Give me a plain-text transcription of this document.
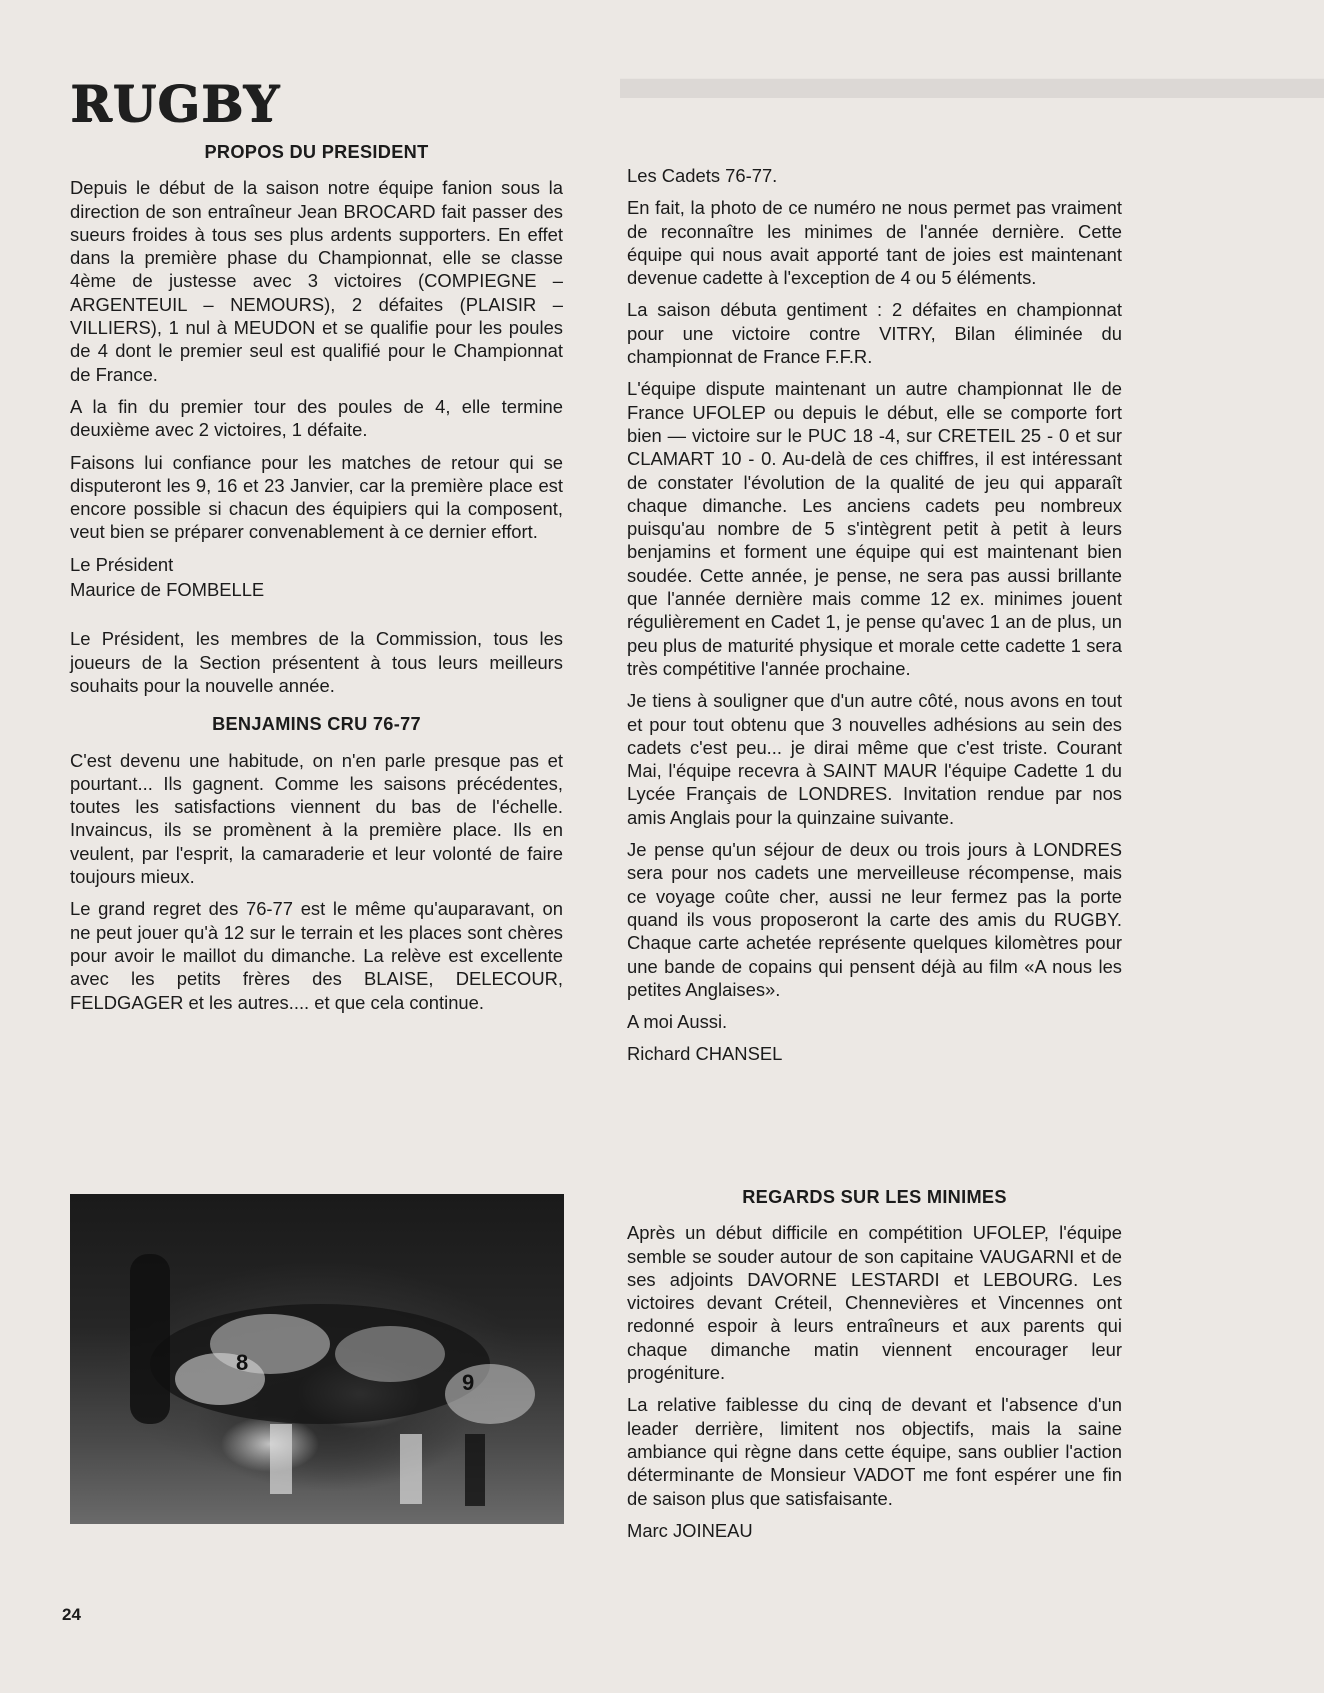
▬▬▬▬▬▬▬▬▬▬▬
RUGBY
PROPOS DU PRESIDENT

Depuis le début de la saison notre équipe fanion sous la direction de son entraîneur Jean BROCARD fait passer des sueurs froides à tous ses plus ardents supporters. En effet dans la première phase du Championnat, elle se classe 4ème de justesse avec 3 victoires (COMPIEGNE – ARGENTEUIL – NEMOURS), 2 défaites (PLAISIR – VILLIERS), 1 nul à MEUDON et se qualifie pour les poules de 4 dont le premier seul est qualifié pour le Championnat de France.

A la fin du premier tour des poules de 4, elle termine deuxième avec 2 victoires, 1 défaite.

Faisons lui confiance pour les matches de retour qui se disputeront les 9, 16 et 23 Janvier, car la première place est encore possible si chacun des équipiers qui la composent, veut bien se préparer convenablement à ce dernier effort.

Le Président

Maurice de FOMBELLE

Le Président, les membres de la Commission, tous les joueurs de la Section présentent à tous leurs meilleurs souhaits pour la nouvelle année.

BENJAMINS CRU 76-77

C'est devenu une habitude, on n'en parle presque pas et pourtant... Ils gagnent. Comme les saisons précédentes, toutes les satisfactions viennent du bas de l'échelle. Invaincus, ils se promènent à la première place. Ils en veulent, par l'esprit, la camaraderie et leur volonté de faire toujours mieux.

Le grand regret des 76-77 est le même qu'auparavant, on ne peut jouer qu'à 12 sur le terrain et les places sont chères pour avoir le maillot du dimanche. La relève est excellente avec les petits frères des BLAISE, DELECOUR, FELDGAGER et les autres.... et que cela continue.

Les Cadets 76-77.

En fait, la photo de ce numéro ne nous permet pas vraiment de reconnaître les minimes de l'année dernière. Cette équipe qui nous avait apporté tant de joies est maintenant devenue cadette à l'exception de 4 ou 5 éléments.

La saison débuta gentiment : 2 défaites en championnat pour une victoire contre VITRY, Bilan éliminée du championnat de France F.F.R.

L'équipe dispute maintenant un autre championnat Ile de France UFOLEP ou depuis le début, elle se comporte fort bien — victoire sur le PUC 18 -4, sur CRETEIL 25 - 0 et sur CLAMART 10 - 0. Au-delà de ces chiffres, il est intéressant de constater l'évolution de la qualité de jeu qui apparaît chaque dimanche. Les anciens cadets peu nombreux puisqu'au nombre de 5 s'intègrent petit à petit à leurs benjamins et forment une équipe qui est maintenant bien soudée. Cette année, je pense, ne sera pas aussi brillante que l'année dernière mais comme 12 ex. minimes jouent régulièrement en Cadet 1, je pense qu'avec 1 an de plus, un peu plus de maturité physique et morale cette cadette 1 sera très compétitive l'année prochaine.

Je tiens à souligner que d'un autre côté, nous avons en tout et pour tout obtenu que 3 nouvelles adhésions au sein des cadets c'est peu... je dirai même que c'est triste. Courant Mai, l'équipe recevra à SAINT MAUR l'équipe Cadette 1 du Lycée Français de LONDRES. Invitation rendue par nos amis Anglais pour la quinzaine suivante.

Je pense qu'un séjour de deux ou trois jours à LONDRES sera pour nos cadets une merveilleuse récompense, mais ce voyage coûte cher, aussi ne leur fermez pas la porte quand ils vous proposeront la carte des amis du RUGBY. Chaque carte achetée représente quelques kilomètres pour une bande de copains qui pensent déjà au film «A nous les petites Anglaises».

A moi Aussi.

Richard CHANSEL

REGARDS SUR LES MINIMES

Après un début difficile en compétition UFOLEP, l'équipe semble se souder autour de son capitaine VAUGARNI et de ses adjoints DAVORNE LESTARDI et LEBOURG. Les victoires devant Créteil, Chennevières et Vincennes ont redonné espoir à leurs entraîneurs et aux parents qui chaque dimanche matin viennent encourager leur progéniture.

La relative faiblesse du cinq de devant et l'absence d'un leader derrière, limitent nos objectifs, mais la saine ambiance qui règne dans cette équipe, sans oublier l'action déterminante de Monsieur VADOT me font espérer une fin de saison plus que satisfaisante.

Marc JOINEAU

8
9
24
